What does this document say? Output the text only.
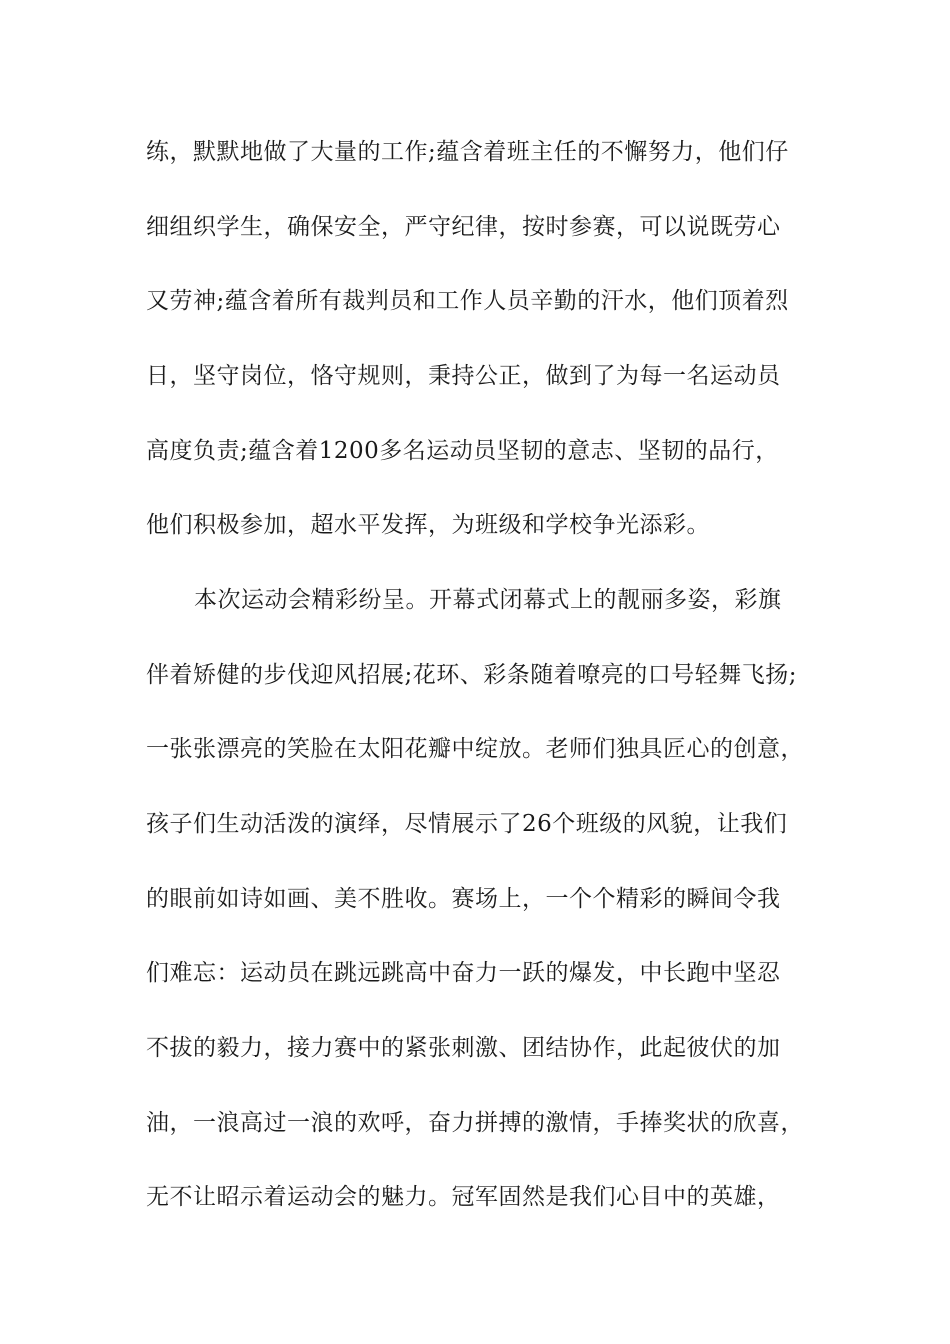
练，默默地做了大量的工作;蕴含着班主任的不懈努力，他们仔
细组织学生，确保安全，严守纪律，按时参赛，可以说既劳心
又劳神;蕴含着所有裁判员和工作人员辛勤的汗水，他们顶着烈
日，坚守岗位，恪守规则，秉持公正，做到了为每一名运动员
高度负责;蕴含着1200多名运动员坚韧的意志、坚韧的品行，
他们积极参加，超水平发挥，为班级和学校争光添彩。
本次运动会精彩纷呈。开幕式闭幕式上的靓丽多姿，彩旗
伴着矫健的步伐迎风招展;花环、彩条随着嘹亮的口号轻舞飞扬;
一张张漂亮的笑脸在太阳花瓣中绽放。老师们独具匠心的创意，
孩子们生动活泼的演绎，尽情展示了26个班级的风貌，让我们
的眼前如诗如画、美不胜收。赛场上，一个个精彩的瞬间令我
们难忘：运动员在跳远跳高中奋力一跃的爆发，中长跑中坚忍
不拔的毅力，接力赛中的紧张刺激、团结协作，此起彼伏的加
油，一浪高过一浪的欢呼，奋力拼搏的激情，手捧奖状的欣喜，
无不让昭示着运动会的魅力。冠军固然是我们心目中的英雄，
